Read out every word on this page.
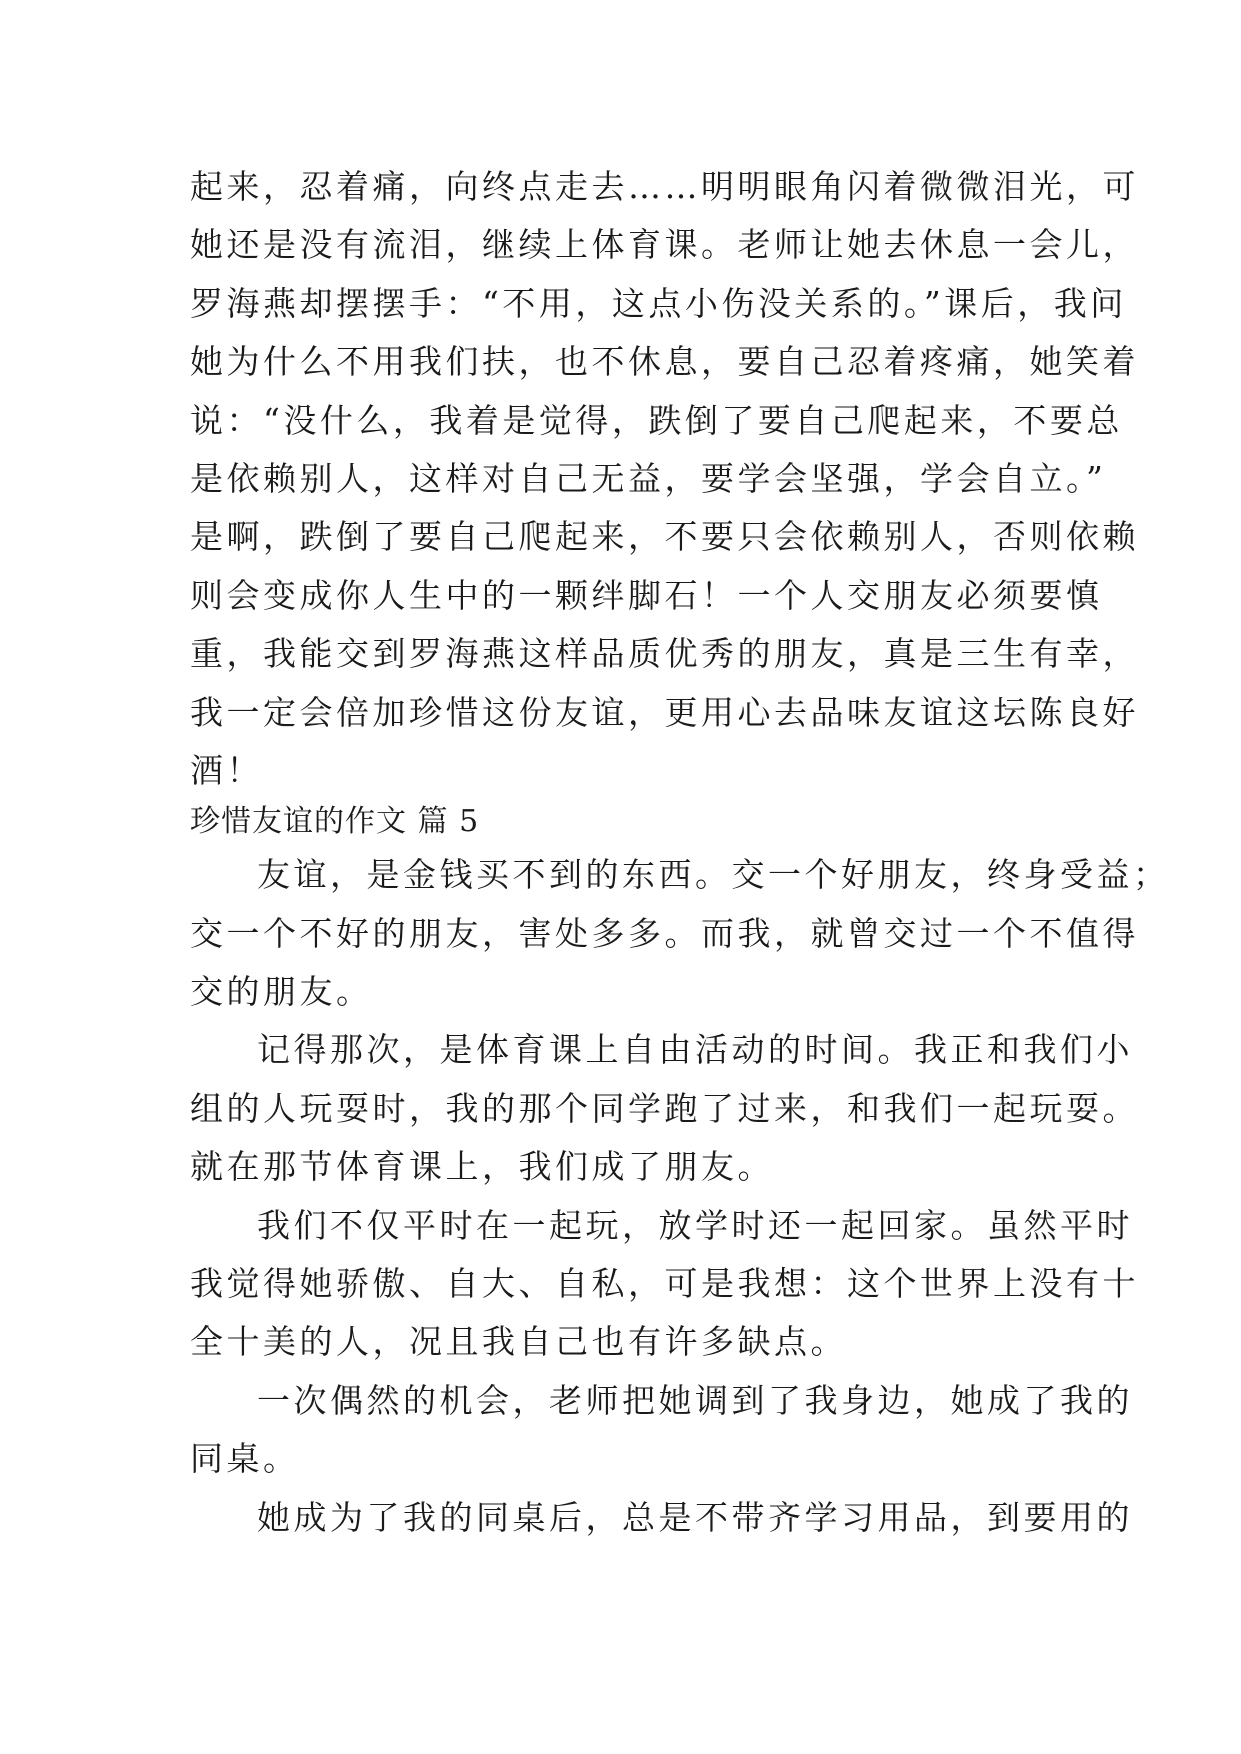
起来，忍着痛，向终点走去……明明眼角闪着微微泪光，可
她还是没有流泪，继续上体育课。老师让她去休息一会儿，
罗海燕却摆摆手：“不用，这点小伤没关系的。”课后，我问
她为什么不用我们扶，也不休息，要自己忍着疼痛，她笑着
说：“没什么，我着是觉得，跌倒了要自己爬起来，不要总
是依赖别人，这样对自己无益，要学会坚强，学会自立。”
是啊，跌倒了要自己爬起来，不要只会依赖别人，否则依赖
则会变成你人生中的一颗绊脚石！一个人交朋友必须要慎
重，我能交到罗海燕这样品质优秀的朋友，真是三生有幸，
我一定会倍加珍惜这份友谊，更用心去品味友谊这坛陈良好
酒！
珍惜友谊的作文 篇 5
友谊，是金钱买不到的东西。交一个好朋友，终身受益；
交一个不好的朋友，害处多多。而我，就曾交过一个不值得
交的朋友。
记得那次，是体育课上自由活动的时间。我正和我们小
组的人玩耍时，我的那个同学跑了过来，和我们一起玩耍。
就在那节体育课上，我们成了朋友。
我们不仅平时在一起玩，放学时还一起回家。虽然平时
我觉得她骄傲、自大、自私，可是我想：这个世界上没有十
全十美的人，况且我自己也有许多缺点。
一次偶然的机会，老师把她调到了我身边，她成了我的
同桌。
她成为了我的同桌后，总是不带齐学习用品，到要用的
